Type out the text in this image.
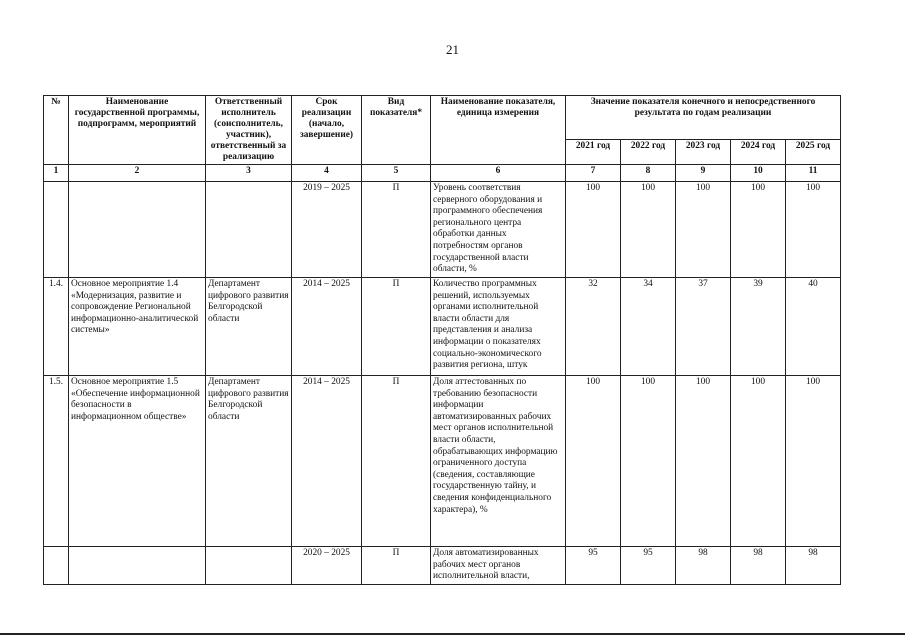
21
№	Наименование государственной программы, подпрограмм, мероприятий	Ответственный исполнитель (соисполнитель, участник), ответственный за реализацию	Срок реализации (начало, завершение)	Вид показателя*	Наименование показателя, единица измерения	Значение показателя конечного и непосредственного результата по годам реализации				
						2021 год	2022 год	2023 год	2024 год	2025 год
1	2	3	4	5	6	7	8	9	10	11
			2019 – 2025	П	Уровень соответствия серверного оборудования и программного обеспечения регионального центра обработки данных потребностям органов государственной власти области, %	100	100	100	100	100
1.4.	Основное мероприятие 1.4 «Модернизация, развитие и сопровождение Региональной информационно-аналитической системы»	Департамент цифрового развития Белгородской области	2014 – 2025	П	Количество программных решений, используемых органами исполнительной власти области для представления и анализа информации о показателях социально-экономического развития региона, штук	32	34	37	39	40
1.5.	Основное мероприятие 1.5 «Обеспечение информационной безопасности в информационном обществе»	Департамент цифрового развития Белгородской области	2014 – 2025	П	Доля аттестованных по требованию безопасности информации автоматизированных рабочих мест органов исполнительной власти области, обрабатывающих информацию ограниченного доступа (сведения, составляющие государственную тайну, и сведения конфиденциального характера), %	100	100	100	100	100
			2020 – 2025	П	Доля автоматизированных рабочих мест органов исполнительной власти,	95	95	98	98	98
